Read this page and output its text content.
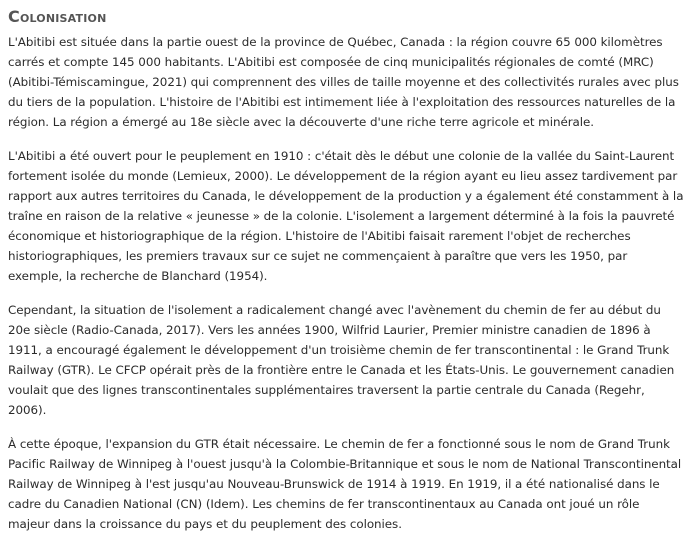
Colonisation

L'Abitibi est située dans la partie ouest de la province de Québec, Canada : la région couvre 65 000 kilomètres carrés et compte 145 000 habitants. L'Abitibi est composée de cinq municipalités régionales de comté (MRC) (Abitibi-Témiscamingue, 2021) qui comprennent des villes de taille moyenne et des collectivités rurales avec plus du tiers de la population. L'histoire de l'Abitibi est intimement liée à l'exploitation des ressources naturelles de la région. La région a émergé au 18e siècle avec la découverte d'une riche terre agricole et minérale.

L'Abitibi a été ouvert pour le peuplement en 1910 : c'était dès le début une colonie de la vallée du Saint-Laurent fortement isolée du monde (Lemieux, 2000). Le développement de la région ayant eu lieu assez tardivement par rapport aux autres territoires du Canada, le développement de la production y a également été constamment à la traîne en raison de la relative « jeunesse » de la colonie. L'isolement a largement déterminé à la fois la pauvreté économique et historiographique de la région. L'histoire de l'Abitibi faisait rarement l'objet de recherches historiographiques, les premiers travaux sur ce sujet ne commençaient à paraître que vers les 1950, par exemple, la recherche de Blanchard (1954).

Cependant, la situation de l'isolement a radicalement changé avec l'avènement du chemin de fer au début du 20e siècle (Radio-Canada, 2017). Vers les années 1900, Wilfrid Laurier, Premier ministre canadien de 1896 à 1911, a encouragé également le développement d'un troisième chemin de fer transcontinental : le Grand Trunk Railway (GTR). Le CFCP opérait près de la frontière entre le Canada et les États-Unis. Le gouvernement canadien voulait que des lignes transcontinentales supplémentaires traversent la partie centrale du Canada (Regehr, 2006).

À cette époque, l'expansion du GTR était nécessaire. Le chemin de fer a fonctionné sous le nom de Grand Trunk Pacific Railway de Winnipeg à l'ouest jusqu'à la Colombie-Britannique et sous le nom de National Transcontinental Railway de Winnipeg à l'est jusqu'au Nouveau-Brunswick de 1914 à 1919. En 1919, il a été nationalisé dans le cadre du Canadien National (CN) (Idem). Les chemins de fer transcontinentaux au Canada ont joué un rôle majeur dans la croissance du pays et du peuplement des colonies.
